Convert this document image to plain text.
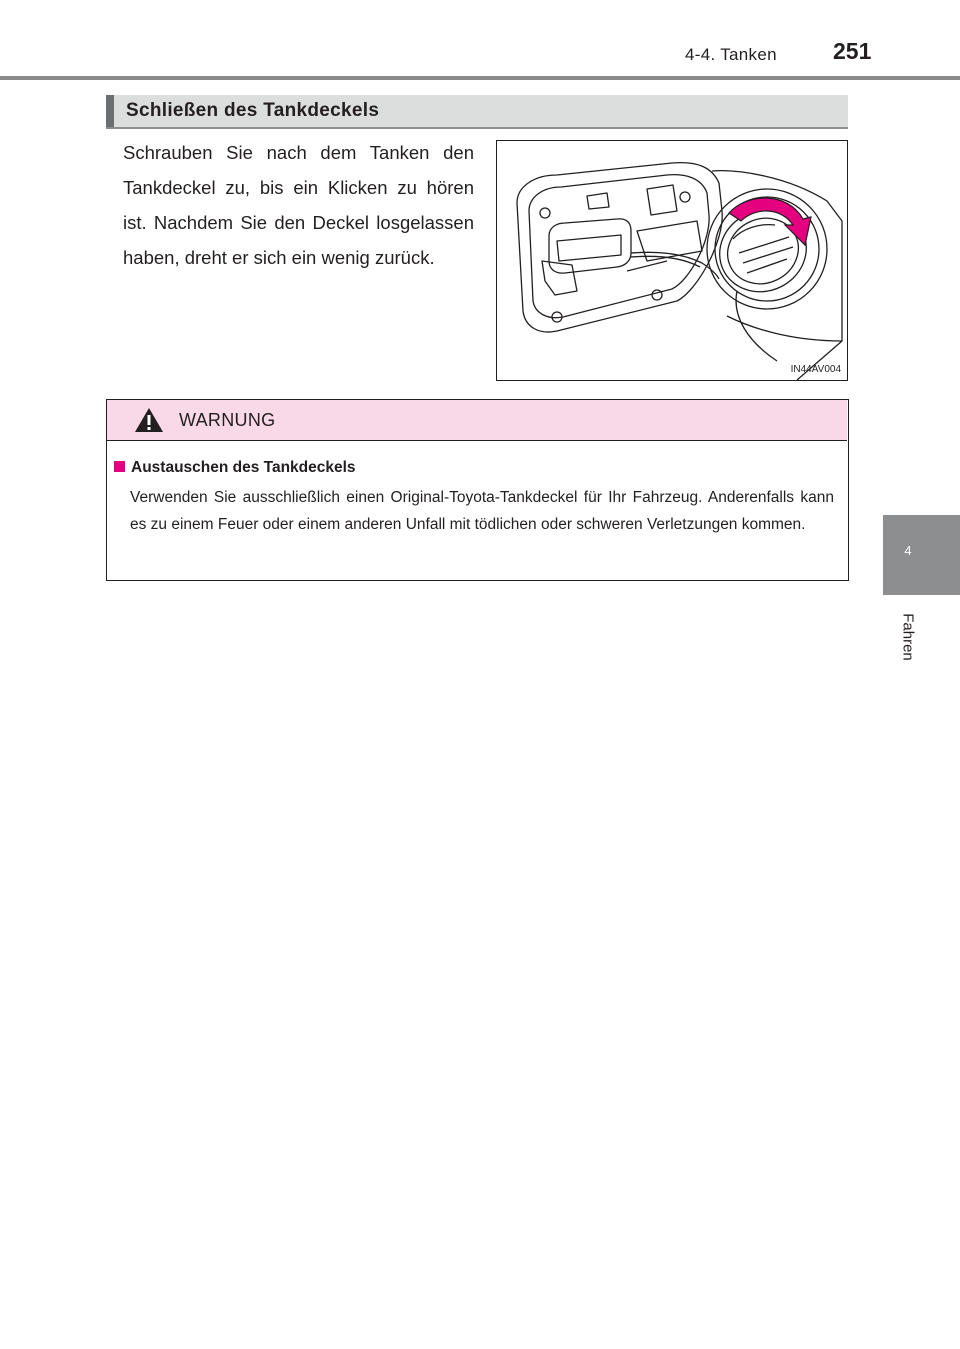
4-4. Tanken 251
4
Fahren
Schließen des Tankdeckels
Schrauben Sie nach dem Tanken den Tankdeckel zu, bis ein Klicken zu hören ist. Nachdem Sie den Deckel losgelassen haben, dreht er sich ein wenig zurück.
IN44AV004
WARNUNG
Austauschen des Tankdeckels
Verwenden Sie ausschließlich einen Original-Toyota-Tankdeckel für Ihr Fahrzeug. Anderenfalls kann es zu einem Feuer oder einem anderen Unfall mit tödlichen oder schweren Verletzungen kommen.
